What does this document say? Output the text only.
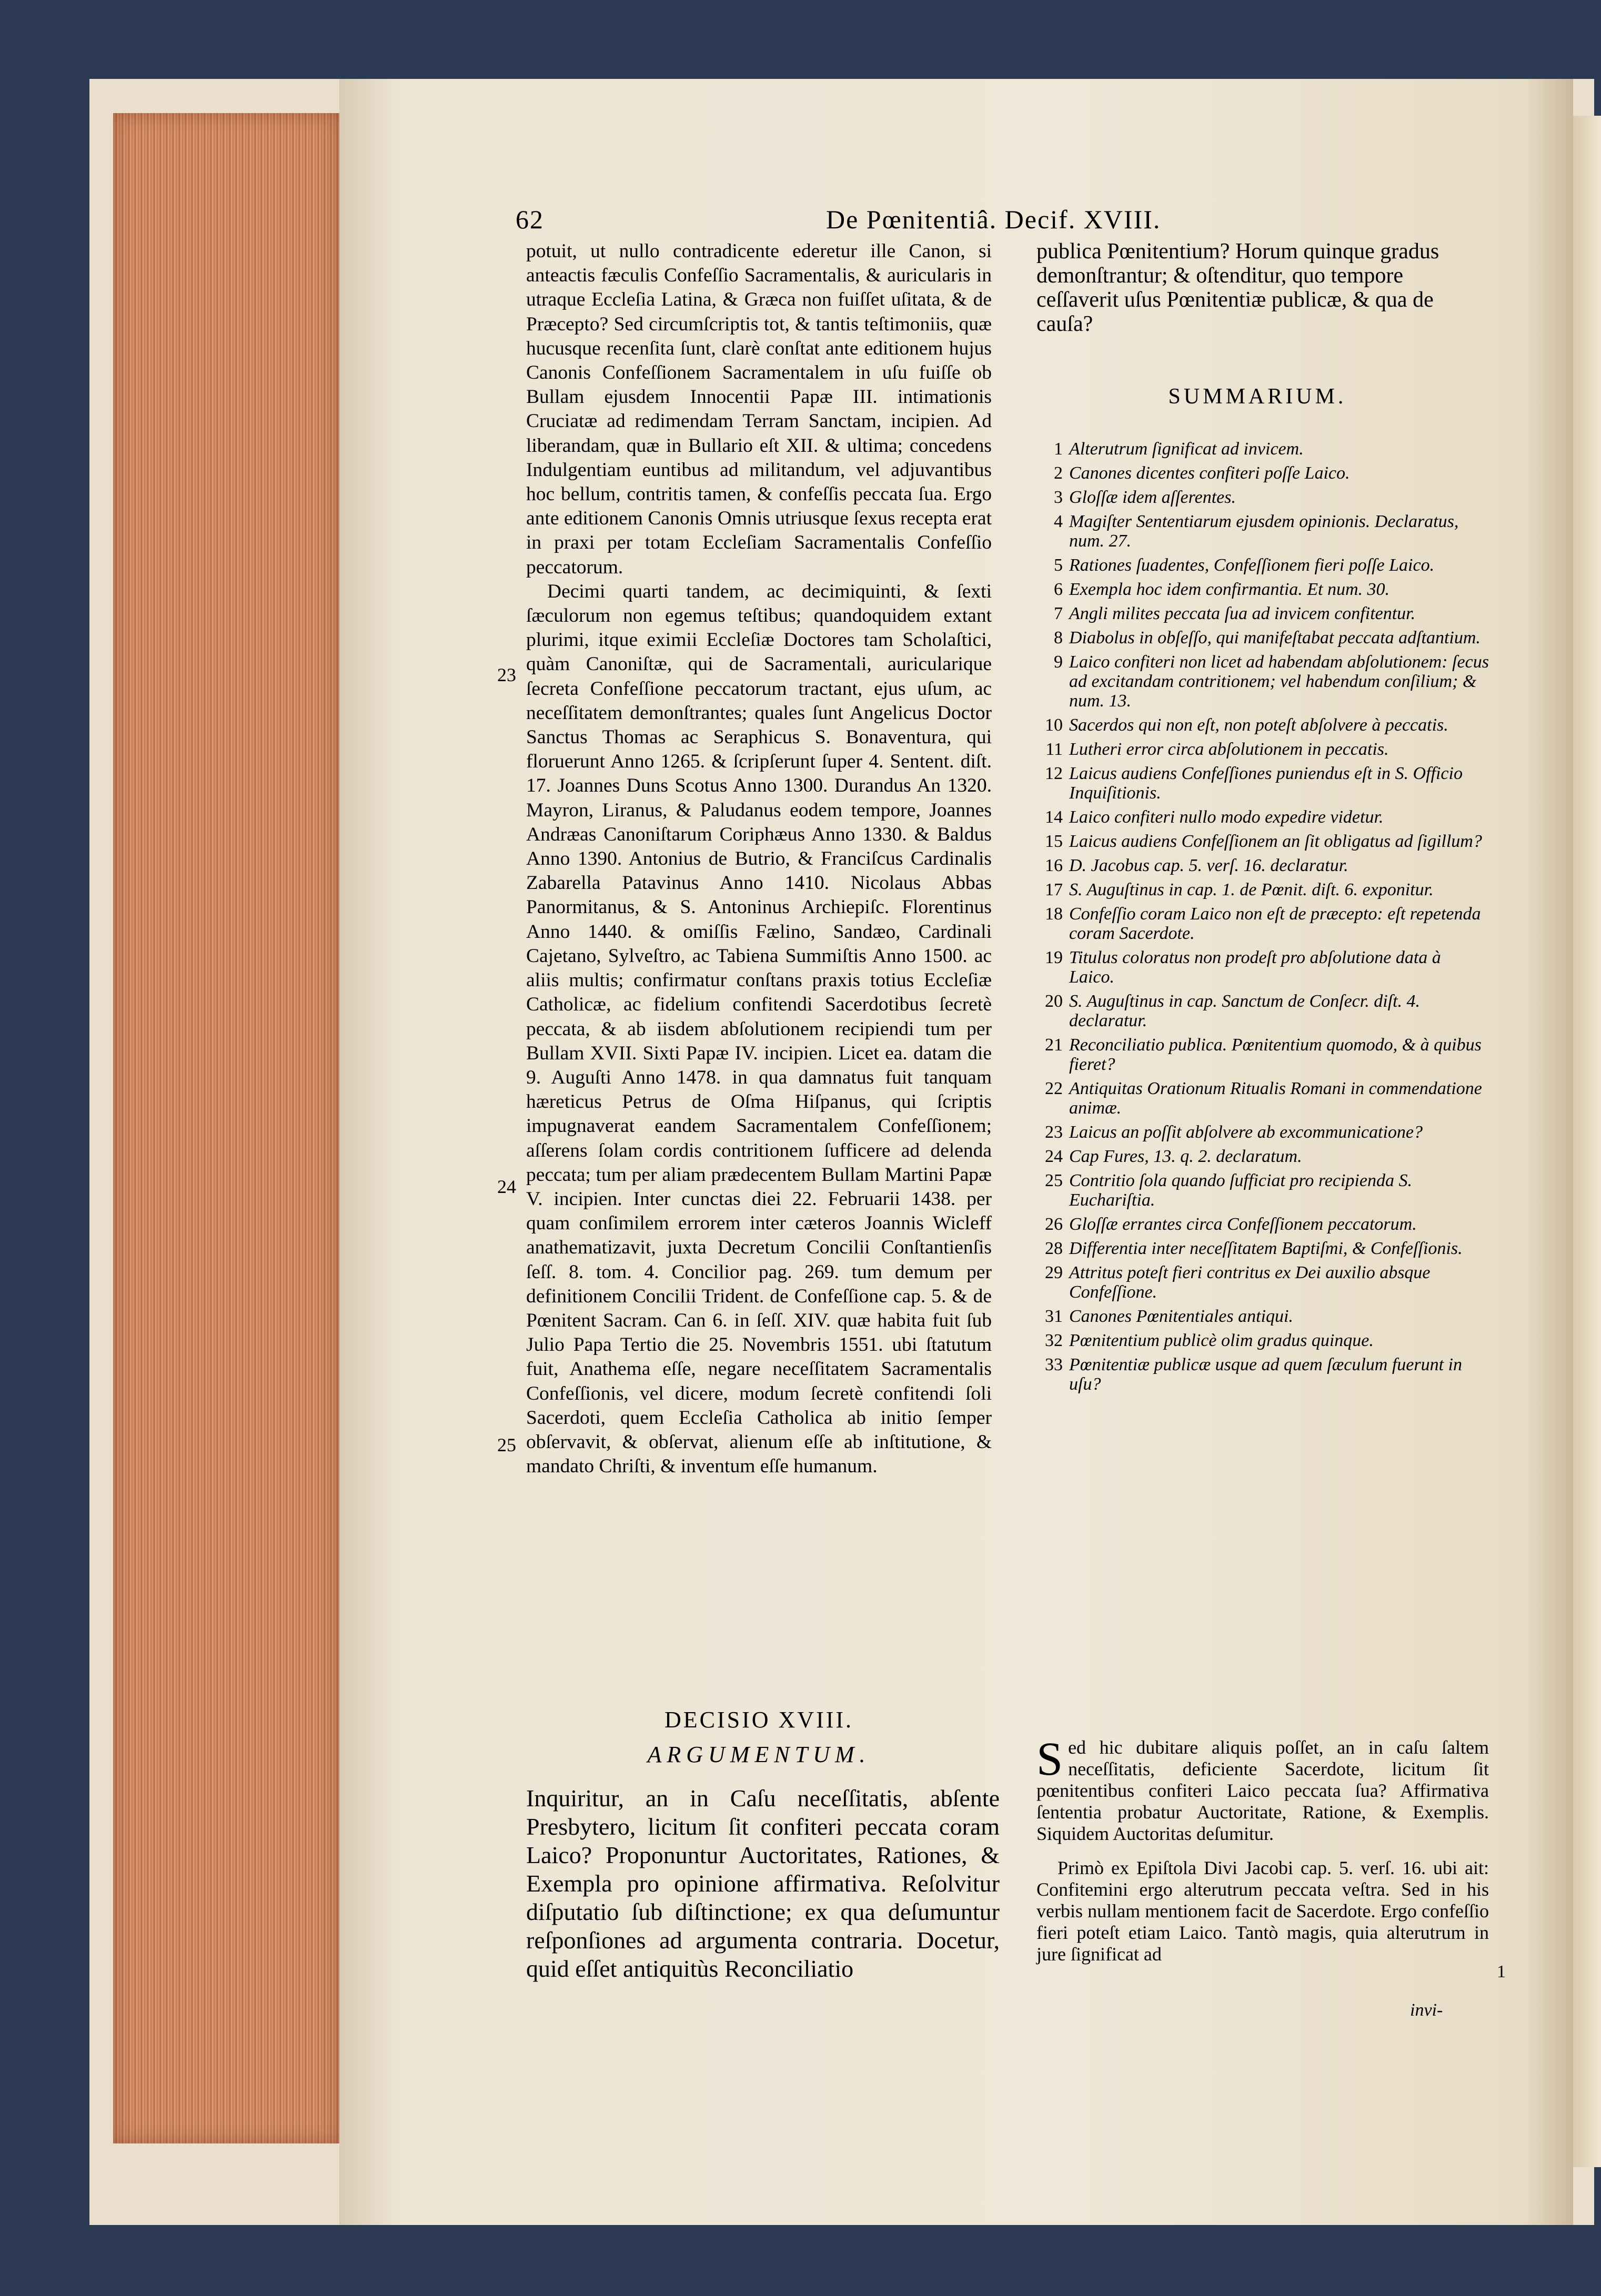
62	De Pœnitentiâ. Decif. XVIII.

potuit, ut nullo contradicente ederetur ille Canon, si anteactis fæculis Confeſſio Sacramentalis, & auricularis in utraque Eccleſia Latina, & Græca non fuiſſet uſitata, & de Præcepto? Sed circumſcriptis tot, & tantis teſtimoniis, quæ hucusque recenſita ſunt, clarè conſtat ante editionem hujus Canonis Confeſſionem Sacramentalem in uſu fuiſſe ob Bullam ejusdem Innocentii Papæ III. intimationis Cruciatæ ad redimendam Terram Sanctam, incipien. Ad liberandam, quæ in Bullario eſt XII. & ultima; concedens Indulgentiam euntibus ad militandum, vel adjuvantibus hoc bellum, contritis tamen, & confeſſis peccata ſua. Ergo ante editionem Canonis Omnis utriusque ſexus recepta erat in praxi per totam Eccleſiam Sacramentalis Confeſſio peccatorum.

Decimi quarti tandem, ac decimiquinti, & ſexti ſæculorum non egemus teſtibus; quandoquidem extant plurimi, itque eximii Eccleſiæ Doctores tam Scholaſtici, quàm Canoniſtæ, qui de Sacramentali, auricularique ſecreta Confeſſione peccatorum tractant, ejus uſum, ac neceſſitatem demonſtrantes; quales ſunt Angelicus Doctor Sanctus Thomas ac Seraphicus S. Bonaventura, qui floruerunt Anno 1265. & ſcripſerunt ſuper 4. Sentent. diſt. 17. Joannes Duns Scotus Anno 1300. Durandus An 1320. Mayron, Liranus, & Paludanus eodem tempore, Joannes Andræas Canoniſtarum Coriphæus Anno 1330. & Baldus Anno 1390. Antonius de Butrio, & Franciſcus Cardinalis Zabarella Patavinus Anno 1410. Nicolaus Abbas Panormitanus, & S. Antoninus Archiepiſc. Florentinus Anno 1440. & omiſſis Fælino, Sandæo, Cardinali Cajetano, Sylveſtro, ac Tabiena Summiſtis Anno 1500. ac aliis multis; confirmatur conſtans praxis totius Eccleſiæ Catholicæ, ac fidelium confitendi Sacerdotibus ſecretè peccata, & ab iisdem abſolutionem recipiendi tum per Bullam XVII. Sixti Papæ IV. incipien. Licet ea. datam die 9. Auguſti Anno 1478. in qua damnatus fuit tanquam hæreticus Petrus de Oſma Hiſpanus, qui ſcriptis impugnaverat eandem Sacramentalem Confeſſionem; aſſerens ſolam cordis contritionem ſufficere ad delenda peccata; tum per aliam prædecentem Bullam Martini Papæ V. incipien. Inter cunctas diei 22. Februarii 1438. per quam conſimilem errorem inter cæteros Joannis Wicleff anathematizavit, juxta Decretum Concilii Conſtantienſis ſeſſ. 8. tom. 4. Concilior pag. 269. tum demum per definitionem Concilii Trident. de Confeſſione cap. 5. & de Pœnitent Sacram. Can 6. in ſeſſ. XIV. quæ habita fuit ſub Julio Papa Tertio die 25. Novembris 1551. ubi ſtatutum fuit, Anathema eſſe, negare neceſſitatem Sacramentalis Confeſſionis, vel dicere, modum ſecretè confitendi ſoli Sacerdoti, quem Eccleſia Catholica ab initio ſemper obſervavit, & obſervat, alienum eſſe ab inſtitutione, & mandato Chriſti, & inventum eſſe humanum.

23
24
25
DECISIO XVIII.
ARGUMENTUM.
Inquiritur, an in Caſu neceſſitatis, abſente Presbytero, licitum ſit confiteri peccata coram Laico? Proponuntur Auctoritates, Rationes, & Exempla pro opinione affirmativa. Reſolvitur diſputatio ſub diſtinctione; ex qua deſumuntur reſponſiones ad argumenta contraria. Docetur, quid eſſet antiquitùs Reconciliatio
publica Pœnitentium? Horum quinque gradus demonſtrantur; & oſtenditur, quo tempore ceſſaverit uſus Pœnitentiæ publicæ, & qua de cauſa?
SUMMARIUM.
1 Alterutrum ſignificat ad invicem.
2 Canones dicentes confiteri poſſe Laico.
3 Gloſſæ idem aſſerentes.
4 Magiſter Sententiarum ejusdem opinionis. Declaratus, num. 27.
5 Rationes ſuadentes, Confeſſionem fieri poſſe Laico.
6 Exempla hoc idem confirmantia. Et num. 30.
7 Angli milites peccata ſua ad invicem confitentur.
8 Diabolus in obſeſſo, qui manifeſtabat peccata adſtantium.
9 Laico confiteri non licet ad habendam abſolutionem: ſecus ad excitandam contritionem; vel habendum conſilium; & num. 13.
10 Sacerdos qui non eſt, non poteſt abſolvere à peccatis.
11 Lutheri error circa abſolutionem in peccatis.
12 Laicus audiens Confeſſiones puniendus eſt in S. Officio Inquiſitionis.
14 Laico confiteri nullo modo expedire videtur.
15 Laicus audiens Confeſſionem an ſit obligatus ad ſigillum?
16 D. Jacobus cap. 5. verſ. 16. declaratur.
17 S. Auguſtinus in cap. 1. de Pœnit. diſt. 6. exponitur.
18 Confeſſio coram Laico non eſt de præcepto: eſt repetenda coram Sacerdote.
19 Titulus coloratus non prodeſt pro abſolutione data à Laico.
20 S. Auguſtinus in cap. Sanctum de Conſecr. diſt. 4. declaratur.
21 Reconciliatio publica. Pœnitentium quomodo, & à quibus fieret?
22 Antiquitas Orationum Ritualis Romani in commendatione animæ.
23 Laicus an poſſit abſolvere ab excommunicatione?
24 Cap Fures, 13. q. 2. declaratum.
25 Contritio ſola quando ſufficiat pro recipienda S. Euchariſtia.
26 Gloſſæ errantes circa Confeſſionem peccatorum.
28 Differentia inter neceſſitatem Baptiſmi, & Confeſſionis.
29 Attritus poteſt fieri contritus ex Dei auxilio absque Confeſſione.
31 Canones Pœnitentiales antiqui.
32 Pœnitentium publicè olim gradus quinque.
33 Pœnitentiæ publicæ usque ad quem ſæculum fuerunt in uſu?

S ed hic dubitare aliquis poſſet, an in caſu ſaltem neceſſitatis, deficiente Sacerdote, licitum ſit pœnitentibus confiteri Laico peccata ſua? Affirmativa ſententia probatur Auctoritate, Ratione, & Exemplis. Siquidem Auctoritas deſumitur.

Primò ex Epiſtola Divi Jacobi cap. 5. verſ. 16. ubi ait: Confitemini ergo alterutrum peccata veſtra. Sed in his verbis nullam mentionem facit de Sacerdote. Ergo confeſſio fieri poteſt etiam Laico. Tantò magis, quia alterutrum in jure ſignificat ad

invi-
1
